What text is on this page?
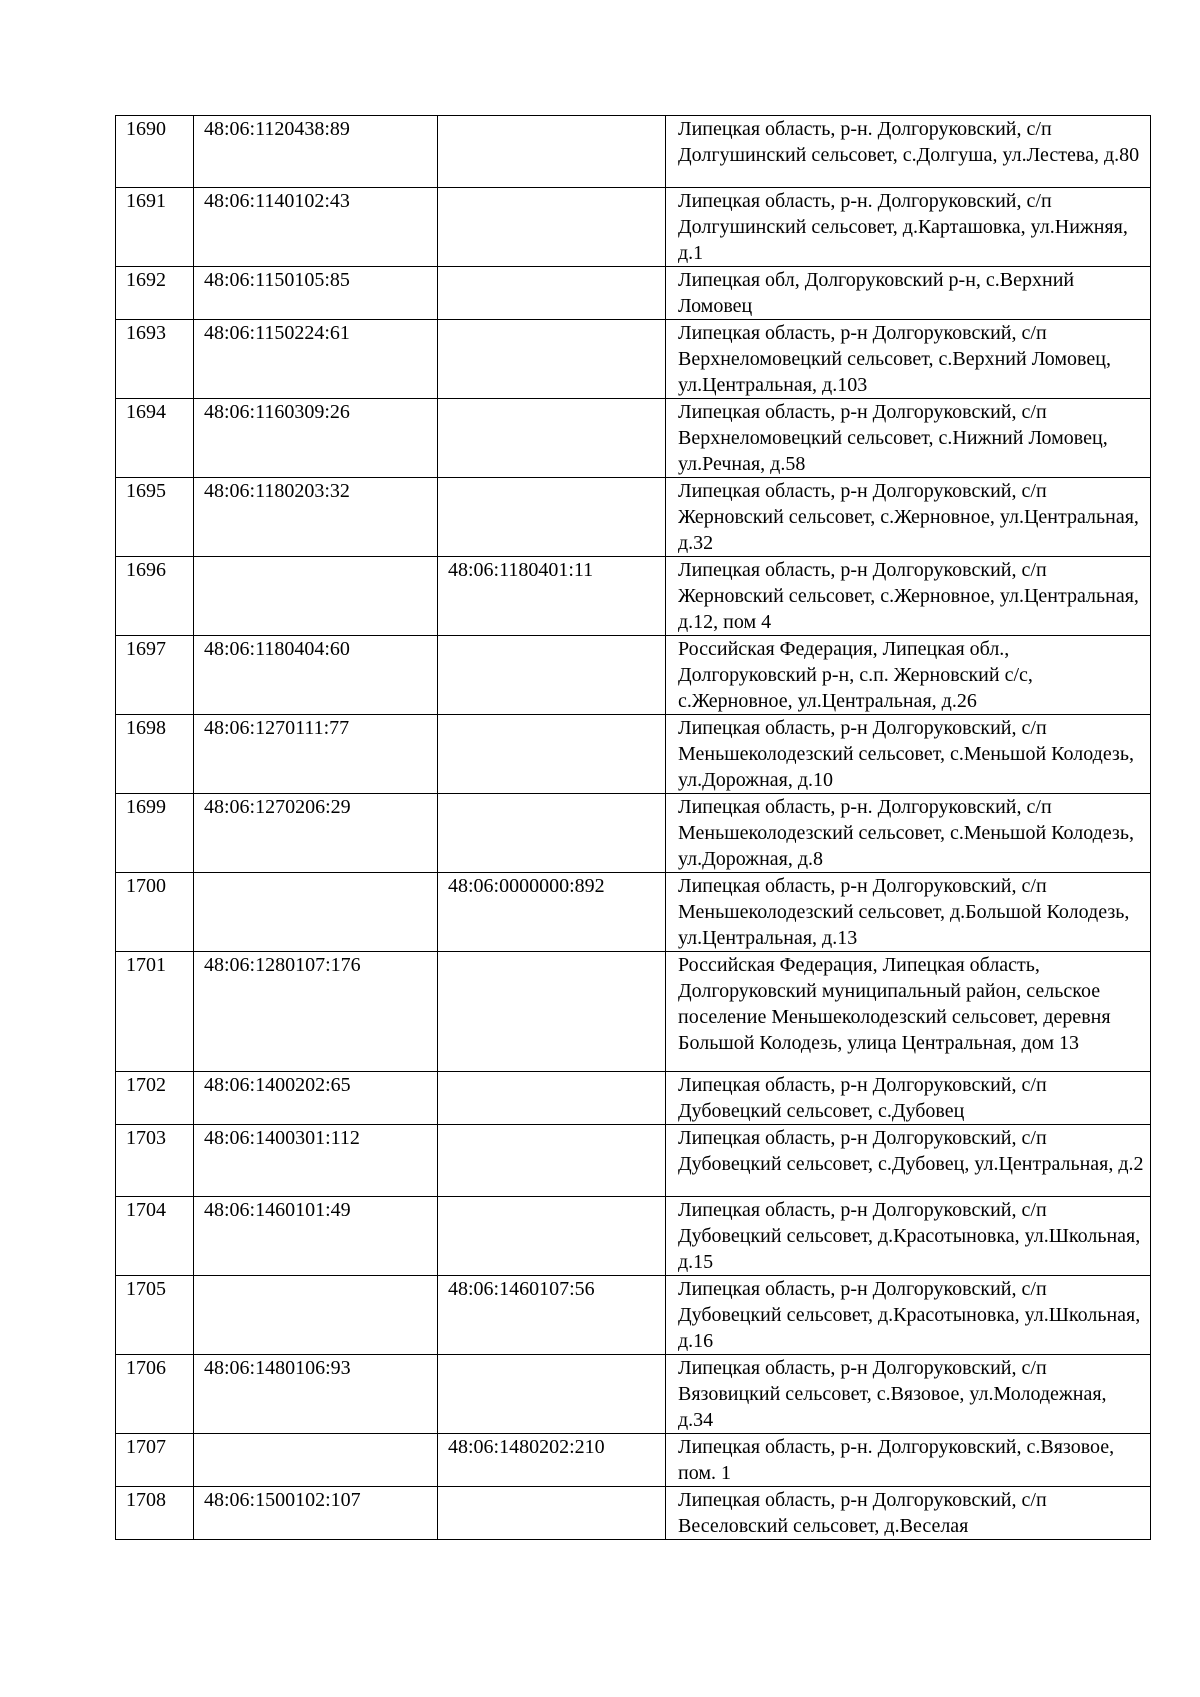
1690	48:06:1120438:89		Липецкая область, р-н. Долгоруковский, с/п Долгушинский сельсовет, с.Долгуша, ул.Лестева, д.80
1691	48:06:1140102:43		Липецкая область, р-н. Долгоруковский, с/п Долгушинский сельсовет, д.Карташовка, ул.Нижняя, д.1
1692	48:06:1150105:85		Липецкая обл, Долгоруковский р-н, с.Верхний Ломовец
1693	48:06:1150224:61		Липецкая область, р-н Долгоруковский, с/п Верхнеломовецкий сельсовет, с.Верхний Ломовец, ул.Центральная, д.103
1694	48:06:1160309:26		Липецкая область, р-н Долгоруковский, с/п Верхнеломовецкий сельсовет, с.Нижний Ломовец, ул.Речная, д.58
1695	48:06:1180203:32		Липецкая область, р-н Долгоруковский, с/п Жерновский сельсовет, с.Жерновное, ул.Центральная, д.32
1696		48:06:1180401:11	Липецкая область, р-н Долгоруковский, с/п Жерновский сельсовет, с.Жерновное, ул.Центральная, д.12, пом 4
1697	48:06:1180404:60		Российская Федерация, Липецкая обл., Долгоруковский р-н, с.п. Жерновский с/с, с.Жерновное, ул.Центральная, д.26
1698	48:06:1270111:77		Липецкая область, р-н Долгоруковский, с/п Меньшеколодезский сельсовет, с.Меньшой Колодезь, ул.Дорожная, д.10
1699	48:06:1270206:29		Липецкая область, р-н. Долгоруковский, с/п Меньшеколодезский сельсовет, с.Меньшой Колодезь, ул.Дорожная, д.8
1700		48:06:0000000:892	Липецкая область, р-н Долгоруковский, с/п Меньшеколодезский сельсовет, д.Большой Колодезь, ул.Центральная, д.13
1701	48:06:1280107:176		Российская Федерация, Липецкая область, Долгоруковский муниципальный район, сельское поселение Меньшеколодезский сельсовет, деревня Большой Колодезь, улица Центральная, дом 13
1702	48:06:1400202:65		Липецкая область, р-н Долгоруковский, с/п Дубовецкий сельсовет, с.Дубовец
1703	48:06:1400301:112		Липецкая область, р-н Долгоруковский, с/п Дубовецкий сельсовет, с.Дубовец, ул.Центральная, д.2
1704	48:06:1460101:49		Липецкая область, р-н Долгоруковский, с/п Дубовецкий сельсовет, д.Красотыновка, ул.Школьная, д.15
1705		48:06:1460107:56	Липецкая область, р-н Долгоруковский, с/п Дубовецкий сельсовет, д.Красотыновка, ул.Школьная, д.16
1706	48:06:1480106:93		Липецкая область, р-н Долгоруковский, с/п Вязовицкий сельсовет, с.Вязовое, ул.Молодежная, д.34
1707		48:06:1480202:210	Липецкая область, р-н. Долгоруковский, с.Вязовое, пом. 1
1708	48:06:1500102:107		Липецкая область, р-н Долгоруковский, с/п Веселовский сельсовет, д.Веселая
